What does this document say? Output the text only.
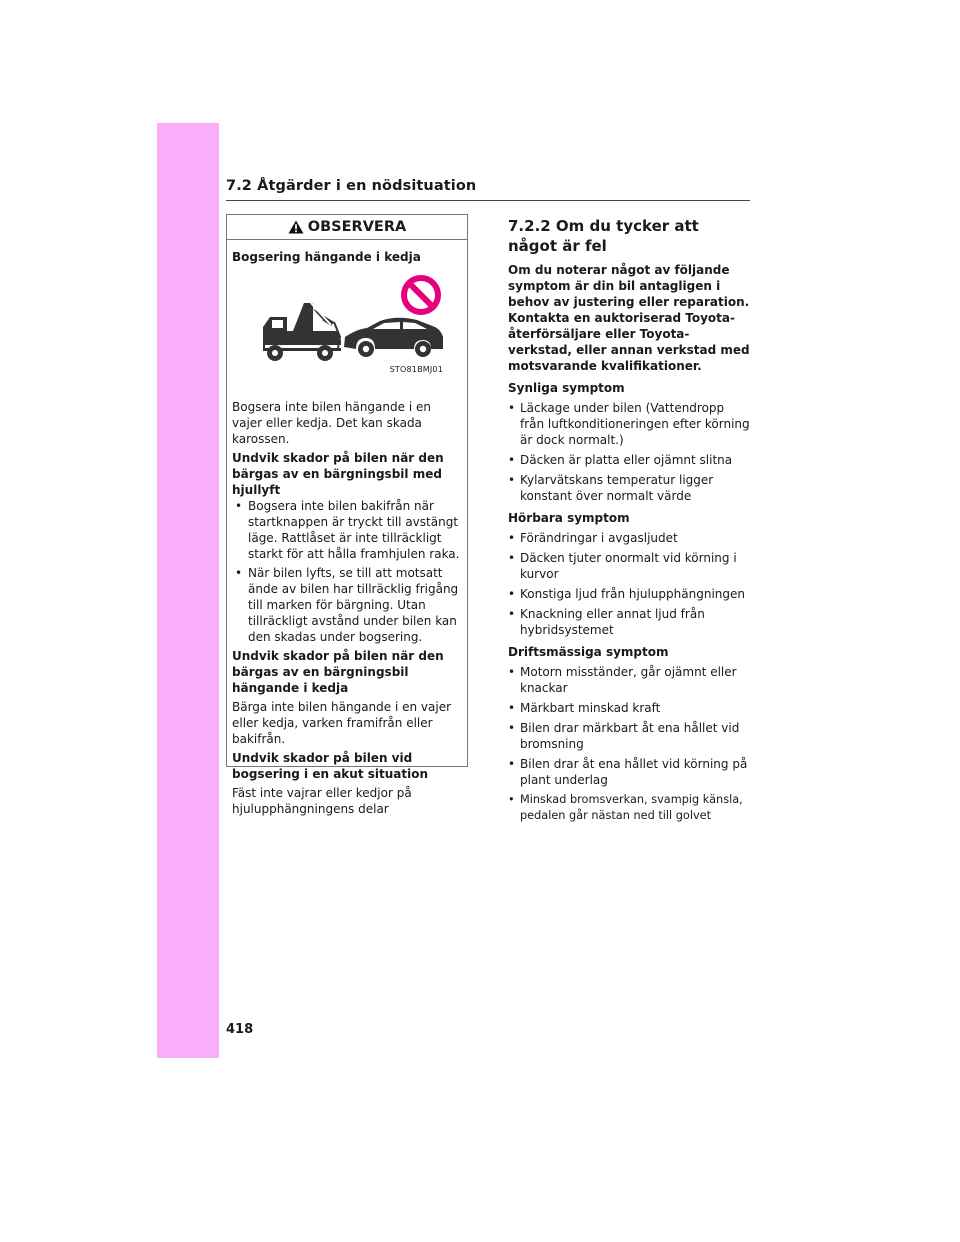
7.2 Åtgärder i en nödsituation
OBSERVERA

Bogsering hängande i kedja

STO81BMJ01

Bogsera inte bilen hängande i en vajer eller kedja. Det kan skada karossen.

Undvik skador på bilen när den bärgas av en bärgningsbil med hjullyft

• Bogsera inte bilen bakifrån när startknappen är tryckt till avstängt läge. Rattlåset är inte tillräckligt starkt för att hålla framhjulen raka.
• När bilen lyfts, se till att motsatt ände av bilen har tillräcklig frigång till marken för bärgning. Utan tillräckligt avstånd under bilen kan den skadas under bogsering.

Undvik skador på bilen när den bärgas av en bärgningsbil hängande i kedja

Bärga inte bilen hängande i en vajer eller kedja, varken framifrån eller bakifrån.

Undvik skador på bilen vid bogsering i en akut situation

Fäst inte vajrar eller kedjor på hjulupphängningens delar

7.2.2 Om du tycker att något är fel

Om du noterar något av följande symptom är din bil antagligen i behov av justering eller reparation. Kontakta en auktoriserad Toyota-återförsäljare eller Toyota-verkstad, eller annan verkstad med motsvarande kvalifikationer.

Synliga symptom

• Läckage under bilen (Vattendropp från luftkonditioneringen efter körning är dock normalt.)
• Däcken är platta eller ojämnt slitna
• Kylarvätskans temperatur ligger konstant över normalt värde

Hörbara symptom

• Förändringar i avgasljudet
• Däcken tjuter onormalt vid körning i kurvor
• Konstiga ljud från hjulupphängningen
• Knackning eller annat ljud från hybridsystemet

Driftsmässiga symptom

• Motorn misständer, går ojämnt eller knackar
• Märkbart minskad kraft
• Bilen drar märkbart åt ena hållet vid bromsning
• Bilen drar åt ena hållet vid körning på plant underlag
• Minskad bromsverkan, svampig känsla, pedalen går nästan ned till golvet
418
